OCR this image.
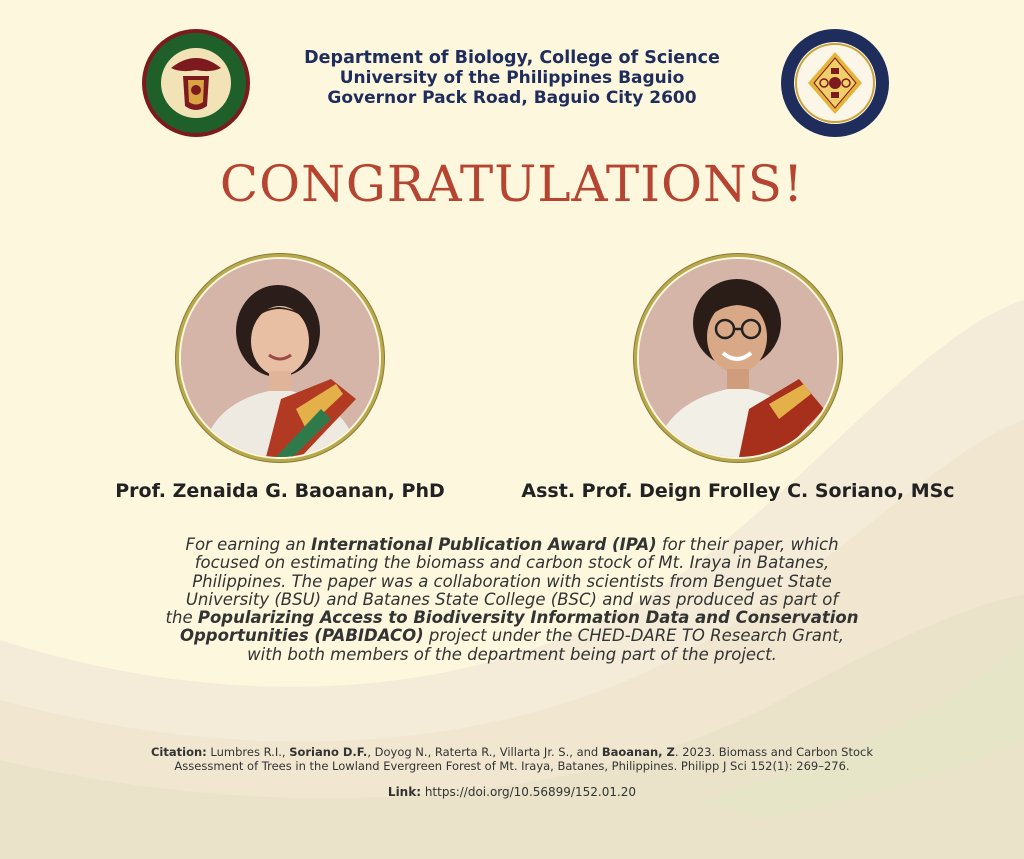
Department of Biology, College of Science
University of the Philippines Baguio
Governor Pack Road, Baguio City 2600
CONGRATULATIONS!
Prof. Zenaida G. Baoanan, PhD	Asst. Prof. Deign Frolley C. Soriano, MSc
For earning an International Publication Award (IPA) for their paper, which
focused on estimating the biomass and carbon stock of Mt. Iraya in Batanes,
Philippines. The paper was a collaboration with scientists from Benguet State
University (BSU) and Batanes State College (BSC) and was produced as part of
the Popularizing Access to Biodiversity Information Data and Conservation
Opportunities (PABIDACO) project under the CHED-DARE TO Research Grant,
with both members of the department being part of the project.
Citation: Lumbres R.I., Soriano D.F., Doyog N., Raterta R., Villarta Jr. S., and Baoanan, Z. 2023. Biomass and Carbon Stock
Assessment of Trees in the Lowland Evergreen Forest of Mt. Iraya, Batanes, Philippines. Philipp J Sci 152(1): 269–276.
Link: https://doi.org/10.56899/152.01.20
